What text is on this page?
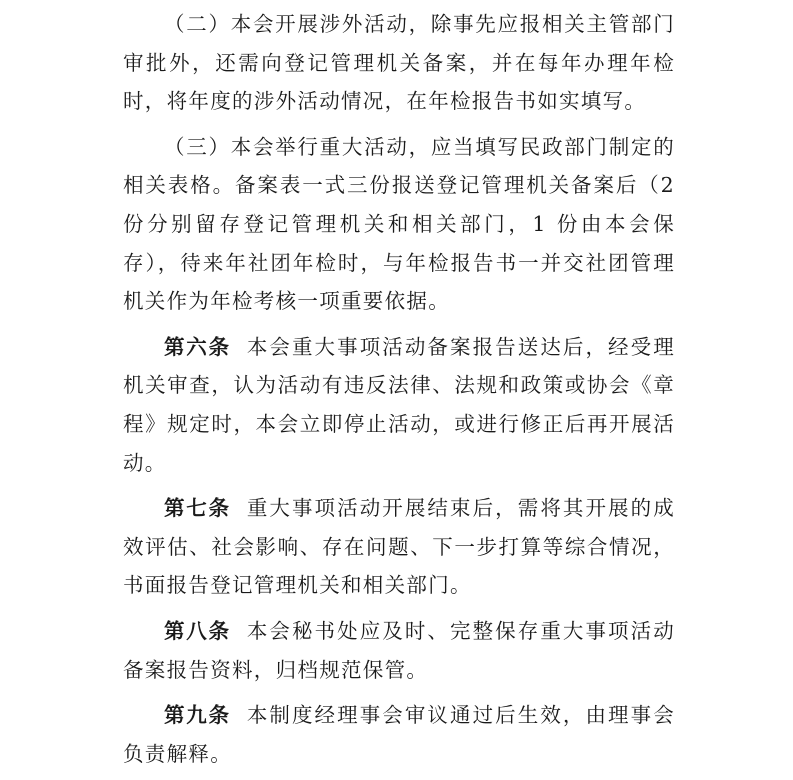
（二）本会开展涉外活动，除事先应报相关主管部门审批外，还需向登记管理机关备案，并在每年办理年检时，将年度的涉外活动情况，在年检报告书如实填写。

（三）本会举行重大活动，应当填写民政部门制定的相关表格。备案表一式三份报送登记管理机关备案后（2 份分别留存登记管理机关和相关部门，1 份由本会保存），待来年社团年检时，与年检报告书一并交社团管理机关作为年检考核一项重要依据。

第六条 本会重大事项活动备案报告送达后，经受理机关审查，认为活动有违反法律、法规和政策或协会《章程》规定时，本会立即停止活动，或进行修正后再开展活动。

第七条 重大事项活动开展结束后，需将其开展的成效评估、社会影响、存在问题、下一步打算等综合情况，书面报告登记管理机关和相关部门。

第八条 本会秘书处应及时、完整保存重大事项活动备案报告资料，归档规范保管。

第九条 本制度经理事会审议通过后生效，由理事会负责解释。
